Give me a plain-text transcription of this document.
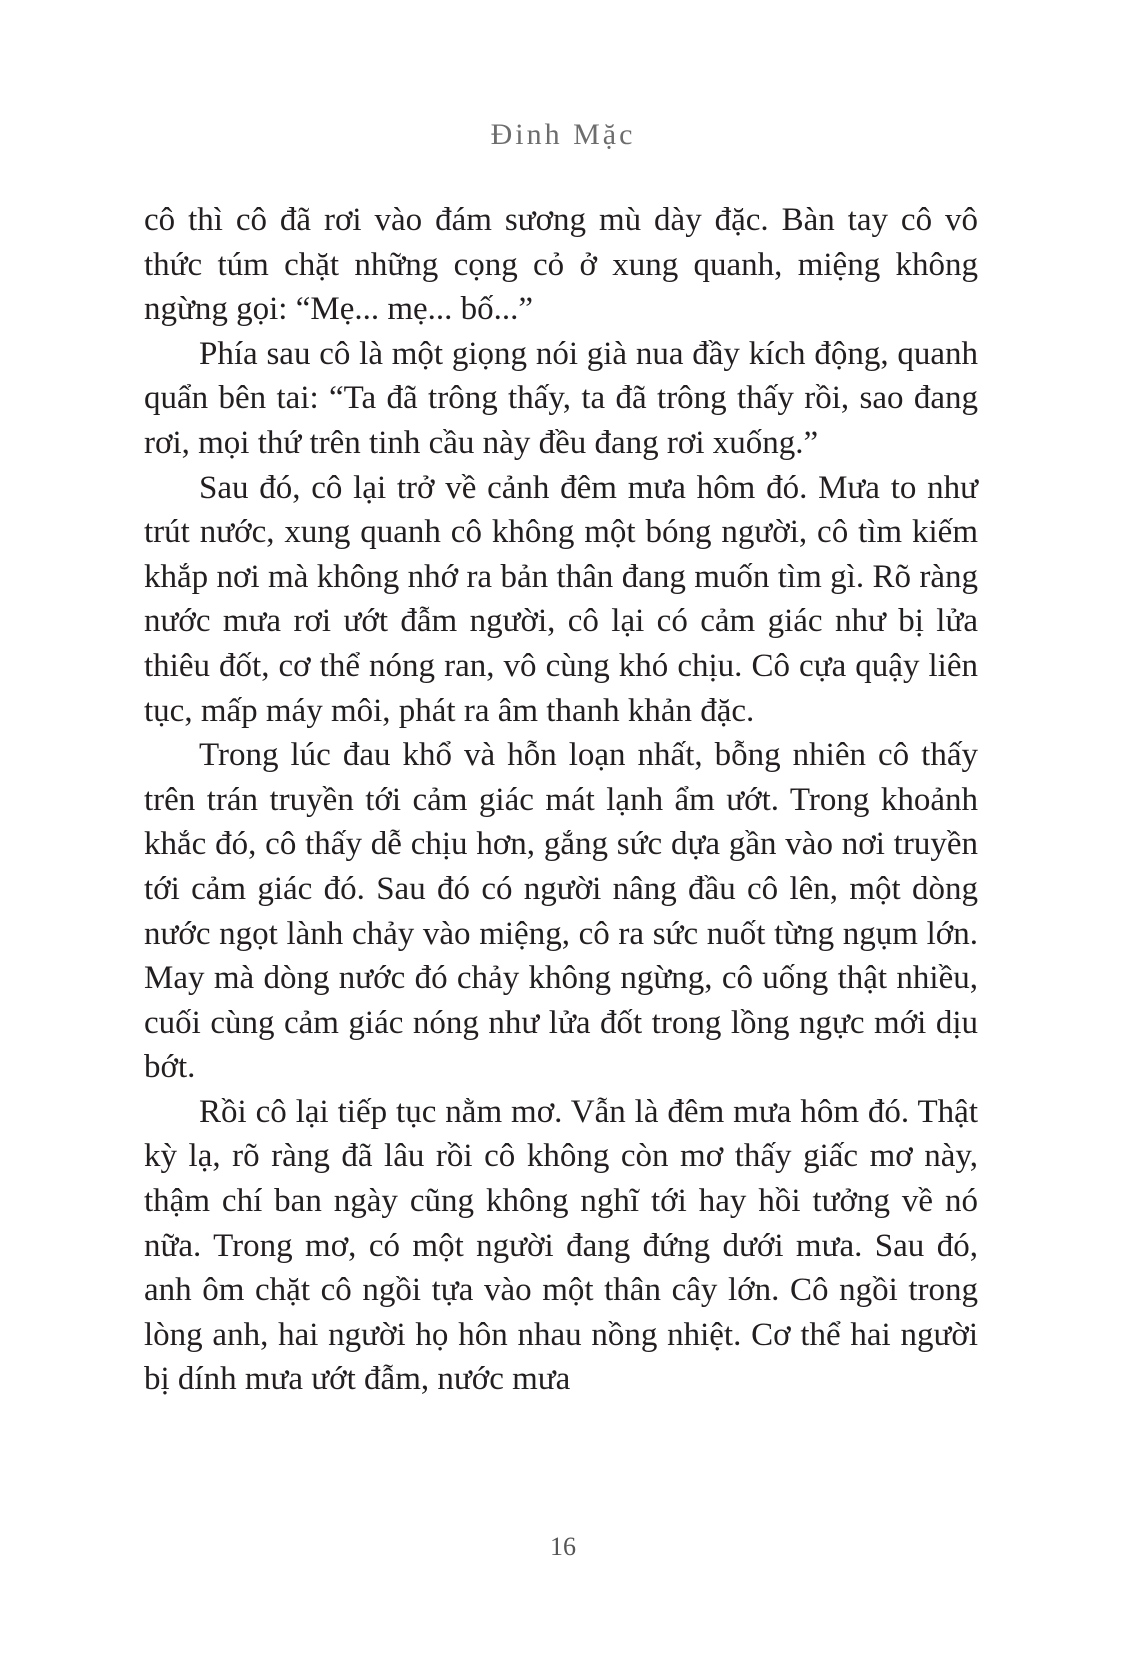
Đinh Mặc

cô thì cô đã rơi vào đám sương mù dày đặc. Bàn tay cô vô thức túm chặt những cọng cỏ ở xung quanh, miệng không ngừng gọi: “Mẹ... mẹ... bố...”

Phía sau cô là một giọng nói già nua đầy kích động, quanh quẩn bên tai: “Ta đã trông thấy, ta đã trông thấy rồi, sao đang rơi, mọi thứ trên tinh cầu này đều đang rơi xuống.”

Sau đó, cô lại trở về cảnh đêm mưa hôm đó. Mưa to như trút nước, xung quanh cô không một bóng người, cô tìm kiếm khắp nơi mà không nhớ ra bản thân đang muốn tìm gì. Rõ ràng nước mưa rơi ướt đẫm người, cô lại có cảm giác như bị lửa thiêu đốt, cơ thể nóng ran, vô cùng khó chịu. Cô cựa quậy liên tục, mấp máy môi, phát ra âm thanh khản đặc.

Trong lúc đau khổ và hỗn loạn nhất, bỗng nhiên cô thấy trên trán truyền tới cảm giác mát lạnh ẩm ướt. Trong khoảnh khắc đó, cô thấy dễ chịu hơn, gắng sức dựa gần vào nơi truyền tới cảm giác đó. Sau đó có người nâng đầu cô lên, một dòng nước ngọt lành chảy vào miệng, cô ra sức nuốt từng ngụm lớn. May mà dòng nước đó chảy không ngừng, cô uống thật nhiều, cuối cùng cảm giác nóng như lửa đốt trong lồng ngực mới dịu bớt.

Rồi cô lại tiếp tục nằm mơ. Vẫn là đêm mưa hôm đó. Thật kỳ lạ, rõ ràng đã lâu rồi cô không còn mơ thấy giấc mơ này, thậm chí ban ngày cũng không nghĩ tới hay hồi tưởng về nó nữa. Trong mơ, có một người đang đứng dưới mưa. Sau đó, anh ôm chặt cô ngồi tựa vào một thân cây lớn. Cô ngồi trong lòng anh, hai người họ hôn nhau nồng nhiệt. Cơ thể hai người bị dính mưa ướt đẫm, nước mưa

16
